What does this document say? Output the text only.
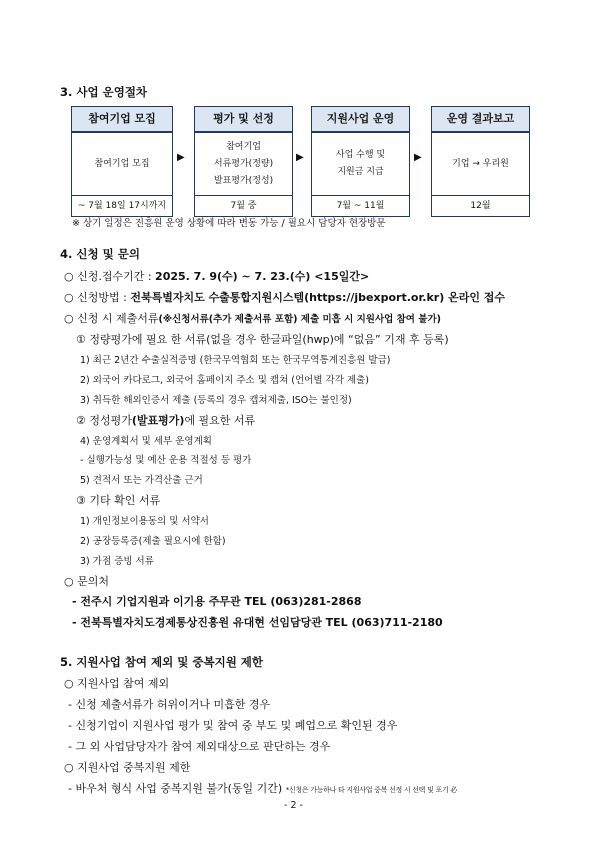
3. 사업 운영절차
참여기업 모집
참여기업 모집
~ 7월 18일 17시까지
▶
평가 및 선정
참여기업
서류평가(정량)
발표평가(정성)
7월 중
▶
지원사업 운영
사업 수행 및
지원금 지급
7월 ~ 11월
▶
운영 결과보고
기업 → 우리원
12월
※ 상기 일정은 진흥원 운영 상황에 따라 변동 가능 / 필요시 담당자 현장방문
4. 신청 및 문의
○ 신청.접수기간 : 2025. 7. 9(수) ~ 7. 23.(수) <15일간>
○ 신청방법 : 전북특별자치도 수출통합지원시스템(https://jbexport.or.kr) 온라인 접수
○ 신청 시 제출서류(※신청서류(추가 제출서류 포함) 제출 미흡 시 지원사업 참여 불가)
① 정량평가에 필요 한 서류(없을 경우 한글파일(hwp)에 “없음” 기재 후 등록)
1) 최근 2년간 수출실적증명 (한국무역협회 또는 한국무역통계진흥원 발급)
2) 외국어 카다로그, 외국어 홈페이지 주소 및 캡쳐 (언어별 각각 제출)
3) 취득한 해외인증서 제출 (등록의 경우 캡쳐제출, ISO는 불인정)
② 정성평가(발표평가)에 필요한 서류
4) 운영계획서 및 세부 운영계획
- 실행가능성 및 예산 운용 적절성 등 평가
5) 견적서 또는 가격산출 근거
③ 기타 확인 서류
1) 개인정보이용동의 및 서약서
2) 공장등록증(제출 필요시에 한함)
3) 가점 증빙 서류
○ 문의처
- 전주시 기업지원과 이기용 주무관 TEL (063)281-2868
- 전북특별자치도경제통상진흥원 유대현 선임담당관 TEL (063)711-2180
5. 지원사업 참여 제외 및 중복지원 제한
○ 지원사업 참여 제외
- 신청 제출서류가 허위이거나 미흡한 경우
- 신청기업이 지원사업 평가 및 참여 중 부도 및 폐업으로 확인된 경우
- 그 외 사업담당자가 참여 제외대상으로 판단하는 경우
○ 지원사업 중복지원 제한
- 바우처 형식 사업 중복지원 불가(동일 기간) *신청은 가능하나 타 지원사업 중복 선정 시 선택 및 포기 必
- 2 -
